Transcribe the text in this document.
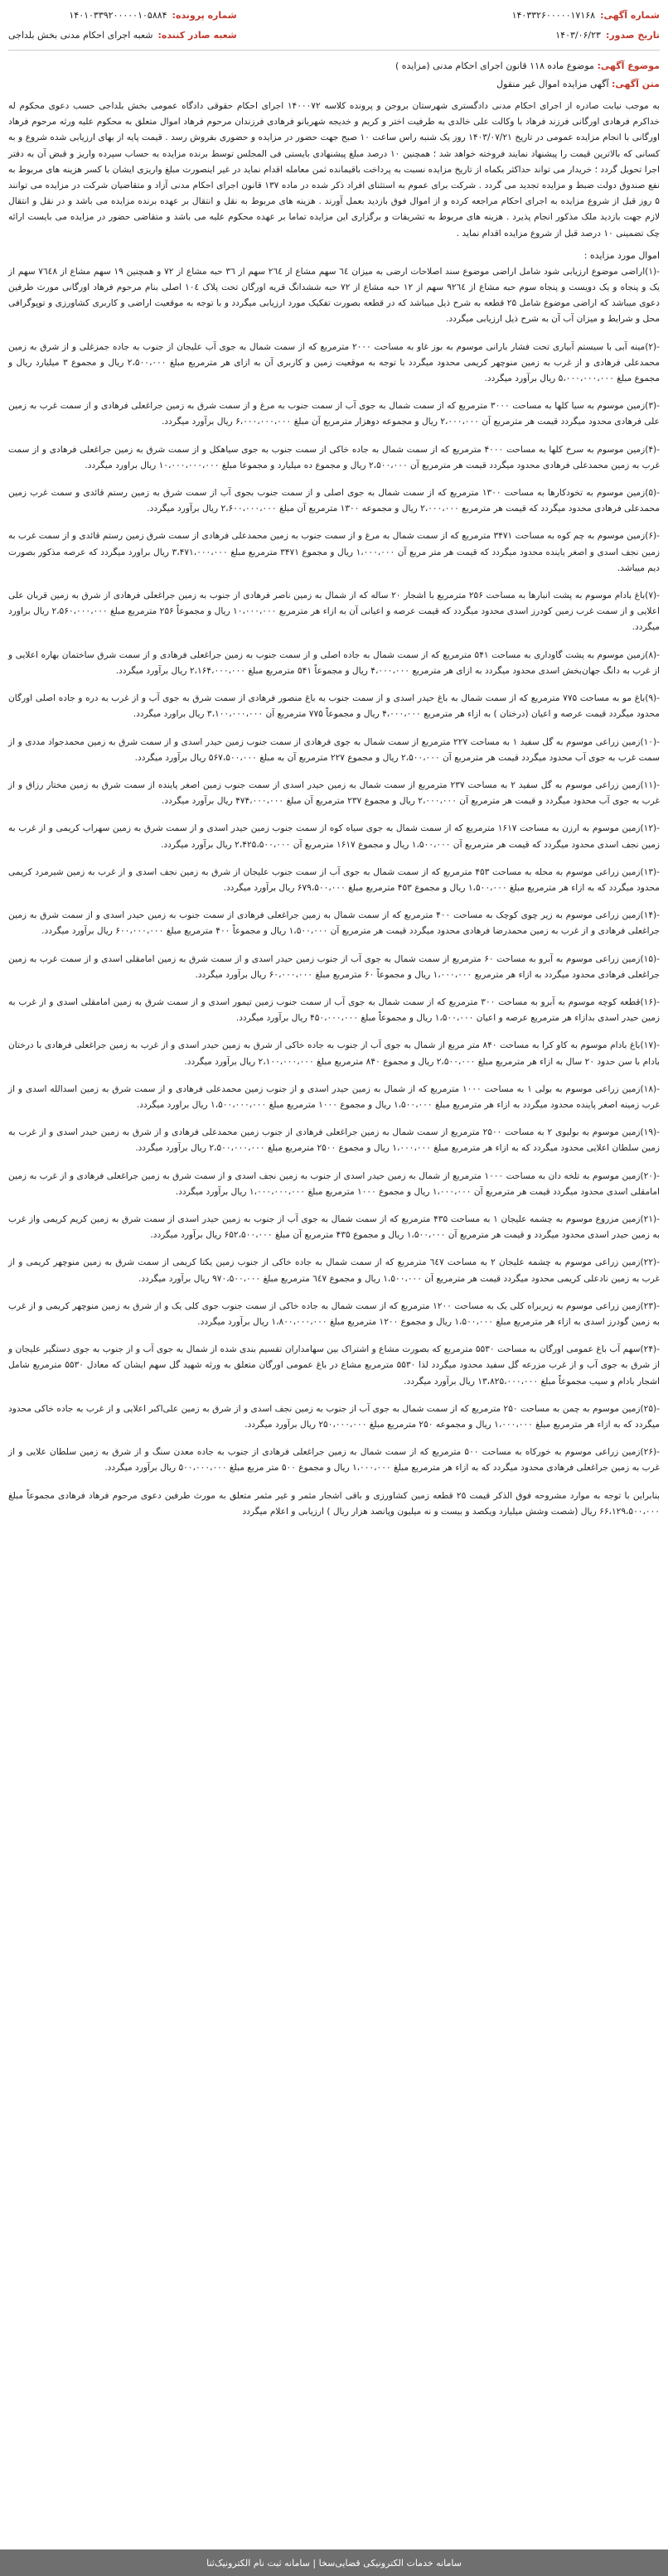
شماره آگهی:
۱۴۰۳۳۲۶۰۰۰۰۰۱۷۱۶۸
تاریخ صدور:
۱۴۰۳/۰۶/۲۳
شماره پرونده:
۱۴۰۱۰۳۳۹۲۰۰۰۰۰۱۰۵۸۸۴
شعبه صادر کننده:
شعبه اجرای احکام مدنی بخش بلداجی
موضوع آگهی: موضوع ماده ۱۱۸ قانون اجرای احکام مدنی (مزایده )
متن آگهی: آگهی مزایده اموال غیر منقول

به موجب نیابت صادره از اجرای احکام مدنی دادگستری شهرستان بروجن و پرونده کلاسه ۱۴۰۰۰۷۲ اجرای احکام حقوقی دادگاه عمومی بخش بلداجی حسب دعوی محکوم له خداکرم فرهادی اورگانی فرزند فرهاد با وکالت علی خالدی به طرفیت اختر و کریم و خدیجه شهربانو فرهادی فرزندان مرحوم فرهاد اموال متعلق به محکوم علیه ورثه مرحوم فرهاد اورگانی با انجام مزایده عمومی در تاریخ ۱۴۰۳/۰۷/۲۱ روز یک شنبه راس ساعت ۱۰ صبح جهت حضور در مزایده و حضوری بفروش رسد . قیمت پایه از بهای ارزیابی شده شروع و به کسانی که بالاترین قیمت را پیشنهاد نمایند فروخته خواهد شد ؛ همچنین ۱۰ درصد مبلغ پیشنهادی بایستی فی المجلس توسط برنده مزایده به حساب سپرده واریز و قبض آن به دفتر اجرا تحویل گردد ؛ خریدار می تواند حداکثر یکماه از تاریخ مزایده نسبت به پرداخت باقیمانده ثمن معامله اقدام نماید در غیر اینصورت مبلغ واریزی ایشان با کسر هزینه های مربوط به نفع صندوق دولت ضبط و مزایده تجدید می گردد . شرکت برای عموم به استثنای افراد ذکر شده در ماده ۱۳۷ قانون اجرای احکام مدنی آزاد و متقاضیان شرکت در مزایده می توانند ۵ روز قبل از شروع مزایده به اجرای احکام مراجعه کرده و از اموال فوق بازدید بعمل آورند . هزینه های مربوط به نقل و انتقال بر عهده برنده مزایده می باشد و در نقل و انتقال لازم جهت بازدید ملک مذکور انجام پذیرد . هزینه های مربوط به تشریفات و برگزاری این مزایده تماما بر عهده محکوم علیه می باشد و متقاضی حضور در مزایده می بایست ارائه چک تضمینی ۱۰ درصد قبل از شروع مزایده اقدام نماید .

اموال مورد مزایده :

-(۱)اراضی موضوع ارزیابی شود شامل اراضی موضوع سند اصلاحات ارضی به میزان ٦٤ سهم مشاع از ۲٦٤ سهم از ۳٦ حبه مشاع از ۷۲ و همچنین ۱۹ سهم مشاع از ۷٦٤۸ سهم از یک و پنجاه و یک دویست و پنجاه سوم حبه مشاع از ۹۲٦٤ سهم از ۱۲ حبه مشاع از ۷۲ حبه ششدانگ قریه اورگان تحت پلاک ۱۰٤ اصلی بنام مرحوم فرهاد اورگانی مورث طرفین دعوی میباشد که اراضی موضوع شامل ۲۵ قطعه به شرح ذیل میباشد که در قطعه بصورت تفکیک مورد ارزیابی میگردد و با توجه به موقعیت اراضی و کاربری کشاورزی و توپوگرافی محل و شرایط و میزان آب آن به شرح ذیل ارزیابی میگردد.

-(۲)مینه آبی با سیستم آبیاری تحت فشار بارانی موسوم به بوز غاو به مساحت ۲۰۰۰ مترمربع که از سمت شمال به جوی آب علیجان از جنوب به جاده جمزغلی و از شرق به زمین محمدعلی فرهادی و از غرب به زمین منوچهر کریمی محدود میگردد با توجه به موقعیت زمین و کاربری آن به ازای هر مترمربع مبلغ ۲،۵۰۰،۰۰۰ ریال و مجموع ۳ میلیارد ریال و مجموع مبلغ ۵،۰۰۰،۰۰۰،۰۰۰ ریال برآورد میگردد.

-(۳)زمین موسوم به سیا کلها به مساحت ۳۰۰۰ مترمربع که از سمت شمال به جوی آب از سمت جنوب به مرغ و از سمت شرق به زمین جراغعلی فرهادی و از سمت غرب به زمین علی فرهادی محدود میگردد قیمت هر مترمربع آن ۲،۰۰۰،۰۰۰ ریال و مجموعه دوهزار مترمربع آن مبلغ ۶،۰۰۰،۰۰۰،۰۰۰ ریال برآورد میگردد.

-(۴)زمین موسوم به سرخ کلها به مساحت ۴۰۰۰ مترمربع که از سمت شمال به جاده خاکی از سمت جنوب به جوی سیاهکل و از سمت شرق به زمین جراغعلی فرهادی و از سمت غرب به زمین محمدعلی فرهادی محدود میگردد قیمت هر مترمربع آن ۲،۵۰۰،۰۰۰ ریال و مجموع ده میلیارد و مجموعا مبلغ ۱۰،۰۰۰،۰۰۰،۰۰۰ ریال براورد میگردد.

-(۵)زمین موسوم به تخودکارها به مساحت ۱۳۰۰ مترمربع که از سمت شمال به جوی اصلی و از سمت جنوب بجوی آب از سمت شرق به زمین رستم قائدی و سمت غرب زمین محمدعلی فرهادی محدود میگردد که قیمت هر مترمربع ۲،۰۰۰،۰۰۰ ریال و مجموعه ۱۳۰۰ مترمربع آن مبلغ ۲،۶۰۰،۰۰۰،۰۰۰ ریال برآورد میگردد.

-(۶)زمین موسوم به چم کوه به مساحت ۳۴۷۱ مترمربع که از سمت شمال به مرغ و از سمت جنوب به زمین محمدعلی فرهادی از سمت شرق زمین رستم قائدی و از سمت غرب به زمین نجف اسدی و اصغر یاینده محدود میگردد که قیمت هر متر مربع آن ۱،۰۰۰،۰۰۰ ریال و مجموع ۳۴۷۱ مترمربع مبلغ ۳،۴۷۱،۰۰۰،۰۰۰ ریال براورد میگردد که عرصه مذکور بصورت دیم میباشد.

-(۷)باغ بادام موسوم به پشت انبارها به مساحت ۲۵۶ مترمربع با اشجار ۲۰ ساله که از شمال به زمین ناصر فرهادی از جنوب به زمین جراغعلی فرهادی از شرق به زمین قربان علی اعلایی و از سمت غرب زمین کودرز اسدی محدود میگردد که قیمت عرصه و اعیانی آن به ازاء هر مترمربع ۱۰،۰۰۰،۰۰۰ ریال و مجموعاً ۲۵۶ مترمربع مبلغ ۲،۵۶۰،۰۰۰،۰۰۰ ریال براورد میگردد.

-(۸)زمین موسوم به پشت گاوداری به مساحت ۵۴۱ مترمربع که از سمت شمال به جاده اصلی و از سمت جنوب به زمین جراغعلی فرهادی و از سمت شرق ساختمان بهاره اعلایی و از غرب به دانگ جهان‌بخش اسدی محدود میگردد به ازای هر مترمربع ۴،۰۰۰،۰۰۰ ریال و مجموعاً ۵۴۱ مترمربع مبلغ ۲،۱۶۴،۰۰۰،۰۰۰ ریال برآورد میگردد.

-(۹)باغ مو به مساحت ۷۷۵ مترمربع که از سمت شمال به باغ حیدر اسدی و از سمت جنوب به باغ منصور فرهادی از سمت شرق به جوی آب و از غرب به دره و جاده اصلی اورگان محدود میگردد قیمت عرصه و اعیان (درختان ) به ازاء هر مترمربع ۴،۰۰۰،۰۰۰ ریال و مجموعاً ۷۷۵ مترمربع آن ۳،۱۰۰،۰۰۰،۰۰۰ ریال براورد میگردد.

-(۱۰)زمین زراعی موسوم به گل سفید ۱ به مساحت ۲۲۷ مترمربع از سمت شمال به جوی فرهادی از سمت جنوب زمین حیدر اسدی و از سمت شرق به زمین محمدجواد مددی و از سمت غرب به جوی آب محدود میگردد قیمت هر مترمربع آن ۲،۵۰۰،۰۰۰ ریال و مجموع ۲۲۷ مترمربع آن به مبلغ ۵۶۷،۵۰۰،۰۰۰ ریال برآورد میگردد.

-(۱۱)زمین زراعی موسوم به گل سفید ۲ به مساحت ۲۳۷ مترمربع از سمت شمال به زمین حیدر اسدی از سمت جنوب زمین اصغر پاینده از سمت شرق به زمین مختار رزاق و از غرب به جوی آب محدود میگردد و قیمت هر مترمربع آن ۲،۰۰۰،۰۰۰ ریال و مجموع ۲۳۷ مترمربع آن مبلغ ۴۷۴،۰۰۰،۰۰۰ ریال برآورد میگردد.

-(۱۲)زمین موسوم به ارزن به مساحت ۱۶۱۷ مترمربع که از سمت شمال به جوی سیاه کوه از سمت جنوب زمین حیدر اسدی و از سمت شرق به زمین سهراب کریمی و از غرب به زمین نجف اسدی محدود میگردد که قیمت هر مترمربع آن ۱،۵۰۰،۰۰۰ ریال و مجموع ۱۶۱۷ مترمربع آن ۲،۴۲۵،۵۰۰،۰۰۰ ریال برآورد میگردد.

-(۱۳)زمین زراعی موسوم به محله به مساحت ۴۵۳ مترمربع که از سمت شمال به جوی آب از سمت جنوب علیجان از شرق به زمین نجف اسدی و از غرب به زمین شیرمرد کریمی محدود میگردد که به ازاء هر مترمربع مبلغ ۱،۵۰۰،۰۰۰ ریال و مجموع ۴۵۳ مترمربع مبلغ ۶۷۹،۵۰۰،۰۰۰ ریال برآورد میگردد.

-(۱۴)زمین زراعی موسوم به زیر چوی کوچک به مساحت ۴۰۰ مترمربع که از سمت شمال به زمین جراغعلی فرهادی از سمت جنوب به زمین حیدر اسدی و از سمت شرق به زمین جراغعلی فرهادی و از غرب به زمین محمدرضا فرهادی محدود میگردد قیمت هر مترمربع آن ۱،۵۰۰،۰۰۰ ریال و مجموعاً ۴۰۰ مترمربع مبلغ ۶۰۰،۰۰۰،۰۰۰ ریال برآورد میگردد.

-(۱۵)زمین زراعی موسوم به آبرو به مساحت ۶۰ مترمربع از سمت شمال به جوی آب از جنوب زمین حیدر اسدی و از سمت شرق به زمین امامقلی اسدی و از سمت غرب به زمین جراغعلی فرهادی محدود میگردد به ازاء هر مترمربع ۱،۰۰۰،۰۰۰ ریال و مجموعاً ۶۰ مترمربع مبلغ ۶۰،۰۰۰،۰۰۰ ریال برآورد میگردد.

-(۱۶)قطعه کوچه موسوم به آبرو به مساحت ۳۰۰ مترمربع که از سمت شمال به جوی آب از سمت جنوب زمین تیمور اسدی و از سمت شرق به زمین امامقلی اسدی و از غرب به زمین حیدر اسدی بدازاء هر مترمربع عرصه و اعیان ۱،۵۰۰،۰۰۰ ریال و مجموعاً مبلغ ۴۵۰،۰۰۰،۰۰۰ ریال برآورد میگردد.

-(۱۷)باغ بادام موسوم به کاو کرا به مساحت ۸۴۰ متر مربع از شمال به جوی آب از جنوب به جاده خاکی از شرق به زمین حیدر اسدی و از غرب به زمین جراغعلی فرهادی با درختان بادام با سن حدود ۲۰ سال به ازاء هر مترمربع مبلغ ۲،۵۰۰،۰۰۰ ریال و مجموع ۸۴۰ مترمربع مبلغ ۲،۱۰۰،۰۰۰،۰۰۰ ریال برآورد میگردد.

-(۱۸)زمین زراعی موسوم به بولی ۱ به مساحت ۱۰۰۰ مترمربع که از شمال به زمین حیدر اسدی و از جنوب زمین محمدعلی فرهادی و از سمت شرق به زمین اسدالله اسدی و از غرب زمینه اصغر پاینده محدود میگردد به ازاء هر مترمربع مبلغ ۱،۵۰۰،۰۰۰ ریال و مجموع ۱۰۰۰ مترمربع مبلغ ۱،۵۰۰،۰۰۰،۰۰۰ ریال براورد میگردد.

-(۱۹)زمین موسوم به بولیوی ۲ به مساحت ۲۵۰۰ مترمربع از سمت شمال به زمین جراغعلی فرهادی از جنوب زمین محمدعلی فرهادی و از شرق به زمین حیدر اسدی و از غرب به زمین سلطان اعلایی محدود میگردد که به ازاء هر مترمربع مبلغ ۱،۰۰۰،۰۰۰ ریال و مجموع ۲۵۰۰ مترمربع مبلغ ۲،۵۰۰،۰۰۰،۰۰۰ ریال برآورد میگردد.

-(۲۰)زمین موسوم به تلخه دان به مساحت ۱۰۰۰ مترمربع از شمال به زمین حیدر اسدی از جنوب به زمین نجف اسدی و از سمت شرق به زمین جراغعلی فرهادی و از غرب به زمین امامقلی اسدی محدود میگردد قیمت هر مترمربع آن ۱،۰۰۰،۰۰۰ ریال و مجموع ۱۰۰۰ مترمربع مبلغ ۱،۰۰۰،۰۰۰،۰۰۰ ریال برآورد میگردد.

-(۲۱)زمین مزروع موسوم به چشمه علیجان ۱ به مساحت ۴۳۵ مترمربع که از سمت شمال به جوی آب از جنوب به زمین حیدر اسدی از سمت شرق به زمین کریم کریمی واز غرب به زمین حیدر اسدی محدود میگردد و قیمت هر مترمربع آن ۱،۵۰۰،۰۰۰ ریال و مجموع ۴۳۵ مترمربع آن مبلغ ۶۵۲،۵۰۰،۰۰۰ ریال برآورد میگردد.

-(۲۲)زمین زراعی موسوم به چشمه علیجان ۲ به مساحت ٦٤۷ مترمربع که از سمت شمال به جاده خاکی از جنوب زمین یکتا کریمی از سمت شرق به زمین منوچهر کریمی و از غرب به زمین نادعلی کریمی محدود میگردد قیمت هر مترمربع آن ۱،۵۰۰،۰۰۰ ریال و مجموع ٦٤۷ مترمربع مبلغ ۹۷۰،۵۰۰،۰۰۰ ریال برآورد میگردد.

-(۲۳)زمین زراعی موسوم به زیربراه کلی یک به مساحت ۱۲۰۰ مترمربع که از سمت شمال به جاده خاکی از سمت جنوب جوی کلی یک و از شرق به زمین منوچهر کریمی و از غرب به زمین گودرز اسدی به ازاء هر مترمربع مبلغ ۱،۵۰۰،۰۰۰ ریال و مجموع ۱۲۰۰ مترمربع مبلغ ۱،۸۰۰،۰۰۰،۰۰۰ ریال برآورد میگردد.

-(۲۴)سهم آب باغ عمومی اورگان به مساحت ۵۵۳۰ مترمربع که بصورت مشاع و اشتراک بین سهامداران تقسیم بندی شده از شمال به جوی آب و از جنوب به جوی دستگیر علیجان و از شرق به جوی آب و از غرب مزرعه گل سفید محدود میگردد لذا ۵۵۳۰ مترمربع مشاع در باغ عمومی اورگان متعلق به ورثه شهید گل سهم ایشان که معادل ۵۵۳۰ مترمربع شامل اشجار بادام و سیب مجموعاً مبلغ ۱۳،۸۲۵،۰۰۰،۰۰۰ ریال برآورد میگردد.

-(۲۵)زمین موسوم به چمن به مساحت ۲۵۰ مترمربع که از سمت شمال به جوی آب از جنوب به زمین نجف اسدی و از شرق به زمین علی‌اکبر اعلایی و از غرب به جاده خاکی محدود میگردد که به ازاء هر مترمربع مبلغ ۱،۰۰۰،۰۰۰ ریال و مجموعه ۲۵۰ مترمربع مبلغ ۲۵۰،۰۰۰،۰۰۰ ریال برآورد میگردد.

-(۲۶)زمین زراعی موسوم به خورکاه به مساحت ۵۰۰ مترمربع که از سمت شمال به زمین جراغعلی فرهادی از جنوب به جاده معدن سنگ و از شرق به زمین سلطان علایی و از غرب به زمین جراغعلی فرهادی محدود میگردد که به ازاء هر مترمربع مبلغ ۱،۰۰۰،۰۰۰ ریال و مجموع ۵۰۰ متر مربع مبلغ ۵۰۰،۰۰۰،۰۰۰ ریال برآورد میگردد.

بنابراین با توجه به موارد مشروحه فوق الذکر قیمت ۲۵ قطعه زمین کشاورزی و باقی اشجار مثمر و غیر مثمر متعلق به مورث طرفین دعوی مرحوم فرهاد فرهادی مجموعاً مبلغ ۶۶،۱۲۹،۵۰۰،۰۰۰ ریال (شصت وشش میلیارد ویکصد و بیست و نه میلیون وپانصد هزار ریال ) ارزیابی و اعلام میگردد

سامانه خدمات الکترونیکی قضایی‌سخا | سامانه ثبت نام الکترونیک‌ثنا
